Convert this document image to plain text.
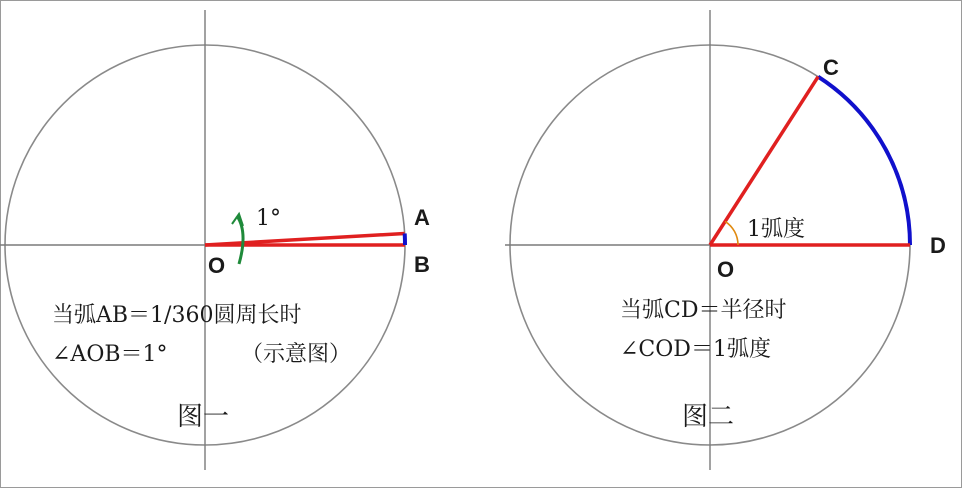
1°
O
A
B
当弧AB＝1/360圆周长时
∠AOB＝1°	（示意图）
图一
1弧度
O
C
D
当弧CD＝半径时
∠COD＝1弧度
图二
